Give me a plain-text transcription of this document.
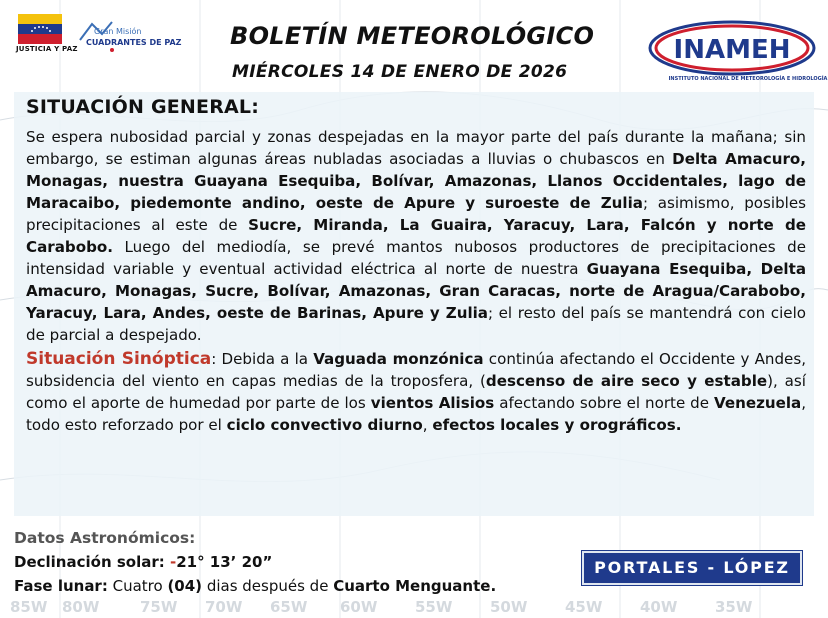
JUSTICIA Y PAZ
Gran Misión
CUADRANTES DE PAZ BOLETÍN METEOROLÓGICO
MIÉRCOLES 14 DE ENERO DE 2026
INAMEH
INSTITUTO NACIONAL DE METEOROLOGÍA E HIDROLOGÍA
SITUACIÓN GENERAL:

Se espera nubosidad parcial y zonas despejadas en la mayor parte del país durante la mañana; sin embargo, se estiman algunas áreas nubladas asociadas a lluvias o chubascos en Delta Amacuro, Monagas, nuestra Guayana Esequiba, Bolívar, Amazonas, Llanos Occidentales, lago de Maracaibo, piedemonte andino, oeste de Apure y suroeste de Zulia; asimismo, posibles precipitaciones al este de Sucre, Miranda, La Guaira, Yaracuy, Lara, Falcón y norte de Carabobo. Luego del mediodía, se prevé mantos nubosos productores de precipitaciones de intensidad variable y eventual actividad eléctrica al norte de nuestra Guayana Esequiba, Delta Amacuro, Monagas, Sucre, Bolívar, Amazonas, Gran Caracas, norte de Aragua/Carabobo, Yaracuy, Lara, Andes, oeste de Barinas, Apure y Zulia; el resto del país se mantendrá con cielo de parcial a despejado.

Situación Sinóptica: Debida a la Vaguada monzónica continúa afectando el Occidente y Andes, subsidencia del viento en capas medias de la troposfera, (descenso de aire seco y estable), así como el aporte de humedad por parte de los vientos Alisios afectando sobre el norte de Venezuela, todo esto reforzado por el ciclo convectivo diurno, efectos locales y orográficos.

Datos Astronómicos:
Declinación solar: -21° 13’ 20”
Fase lunar: Cuatro (04) dias después de Cuarto Menguante.
PORTALES - LÓPEZ
85W 80W	75W 70W 65W 60W	55W	50W	45W	40W	35W
